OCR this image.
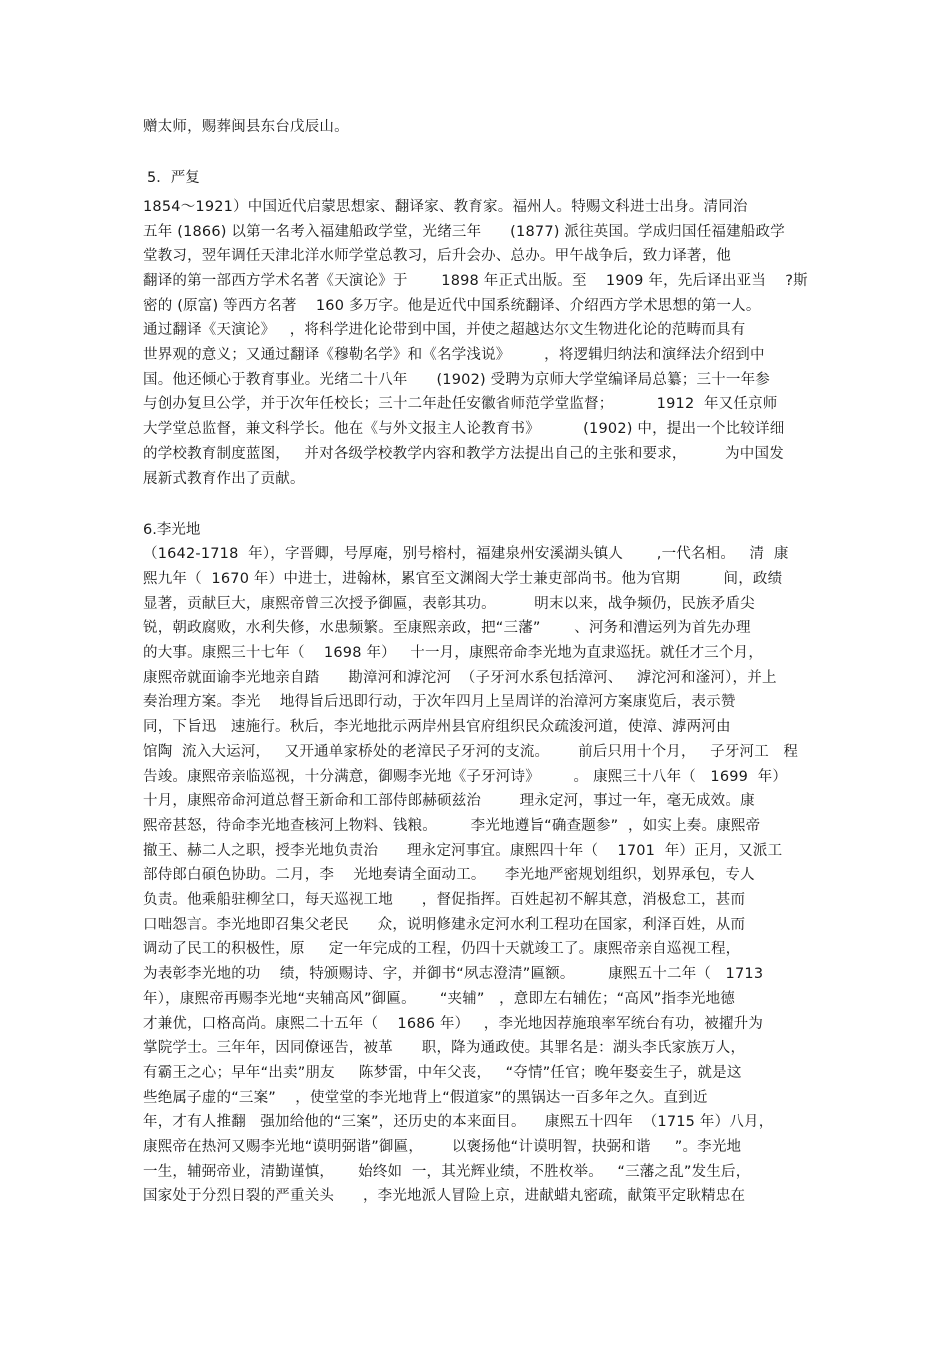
赠太师，赐葬闽县东台戊辰山。
5．严复
1854～1921）中国近代启蒙思想家、翻译家、教育家。福州人。特赐文科进士出身。清同治
五年 (1866) 以第一名考入福建船政学堂，光绪三年      (1877) 派往英国。学成归国任福建船政学
堂教习，翌年调任天津北洋水师学堂总教习，后升会办、总办。甲午战争后，致力译著，他
翻译的第一部西方学术名著《天演论》于       1898 年正式出版。至    1909 年，先后译出亚当    ?斯
密的 (原富) 等西方名著    160 多万字。他是近代中国系统翻译、介绍西方学术思想的第一人。
通过翻译《天演论》   ，将科学进化论带到中国，并使之超越达尔文生物进化论的范畴而具有
世界观的意义；又通过翻译《穆勒名学》和《名学浅说》       ，将逻辑归纳法和演绎法介绍到中
国。他还倾心于教育事业。光绪二十八年      (1902) 受聘为京师大学堂编译局总纂；三十一年参
与创办复旦公学，并于次年任校长；三十二年赴任安徽省师范学堂监督；         1912  年又任京师
大学堂总监督，兼文科学长。他在《与外文报主人论教育书》         (1902) 中，提出一个比较详细
的学校教育制度蓝图，   并对各级学校教学内容和教学方法提出自己的主张和要求，        为中国发
展新式教育作出了贡献。
6.李光地
（1642-1718  年），字晋卿，号厚庵，别号榕村，福建泉州安溪湖头镇人       ,一代名相。   清  康
熙九年（  1670 年）中进士，进翰林，累官至文渊阁大学士兼吏部尚书。他为官期         间，政绩
显著，贡献巨大，康熙帝曾三次授予御匾，表彰其功。        明末以来，战争频仍，民族矛盾尖
锐，朝政腐败，水利失修，水患频繁。至康熙亲政，把“三藩”       、河务和漕运列为首先办理
的大事。康熙三十七年（    1698 年）   十一月，康熙帝命李光地为直隶巡抚。就任才三个月，
康熙帝就面谕李光地亲自踏      勘漳河和滹沱河  （子牙河水系包括漳河、   滹沱河和滏河），并上
奏治理方案。李光    地得旨后迅即行动，于次年四月上呈周详的治漳河方案康览后，表示赞
同，下旨迅   速施行。秋后，李光地批示两岸州县官府组织民众疏浚河道，使漳、滹两河由
馆陶  流入大运河，   又开通单家桥处的老漳民子牙河的支流。      前后只用十个月，   子牙河工   程
告竣。康熙帝亲临巡视，十分满意，御赐李光地《子牙河诗》       。 康熙三十八年（   1699  年）
十月，康熙帝命河道总督王新命和工部侍郎赫硕兹治        理永定河，事过一年，毫无成效。康
熙帝甚怒，待命李光地查核河上物料、钱粮。       李光地遵旨“确查题参”  ，如实上奏。康熙帝
撤王、赫二人之职，授李光地负责治      理永定河事宜。康熙四十年（    1701  年）正月，又派工
部侍郎白碩色协助。二月，李    光地奏请全面动工。    李光地严密规划组织，划界承包，专人
负责。他乘船驻柳坌口，每天巡视工地      ，督促指挥。百姓起初不解其意，消极怠工，甚而
口咄怨言。李光地即召集父老民      众，说明修建永定河水利工程功在国家，利泽百姓，从而
调动了民工的积极性，原     定一年完成的工程，仍四十天就竣工了。康熙帝亲自巡视工程，
为表彰李光地的功    绩，特颁赐诗、字，并御书“夙志澄清”匾额。       康熙五十二年（   1713
年），康熙帝再赐李光地“夹辅高风”御匾。     “夹辅”   ，意即左右辅佐；“高风”指李光地德
才兼优，口格高尚。康熙二十五年（    1686 年）   ，李光地因荐施琅率军统台有功，被擢升为
掌院学士。三年年，因同僚诬告，被革      职，降为通政使。其罪名是：湖头李氏家族万人，
有霸王之心；早年“出卖”朋友     陈梦雷，中年父丧，   “夺情”任官；晚年娶妾生子，就是这
些绝属子虚的“三案”    ，使堂堂的李光地背上“假道家”的黑锅达一百多年之久。直到近
年，才有人推翻   强加给他的“三案”，还历史的本来面目。    康熙五十四年  （1715 年）八月，
康熙帝在热河又赐李光地“谟明弼谐”御匾，      以褒扬他“计谟明智，抉弼和谐     ”。李光地
一生，辅弼帝业，清勤谨慎，     始终如  一，其光辉业绩，不胜枚举。   “三藩之乱”发生后，
国家处于分烈日裂的严重关头      ，李光地派人冒险上京，进献蜡丸密疏，献策平定耿精忠在
